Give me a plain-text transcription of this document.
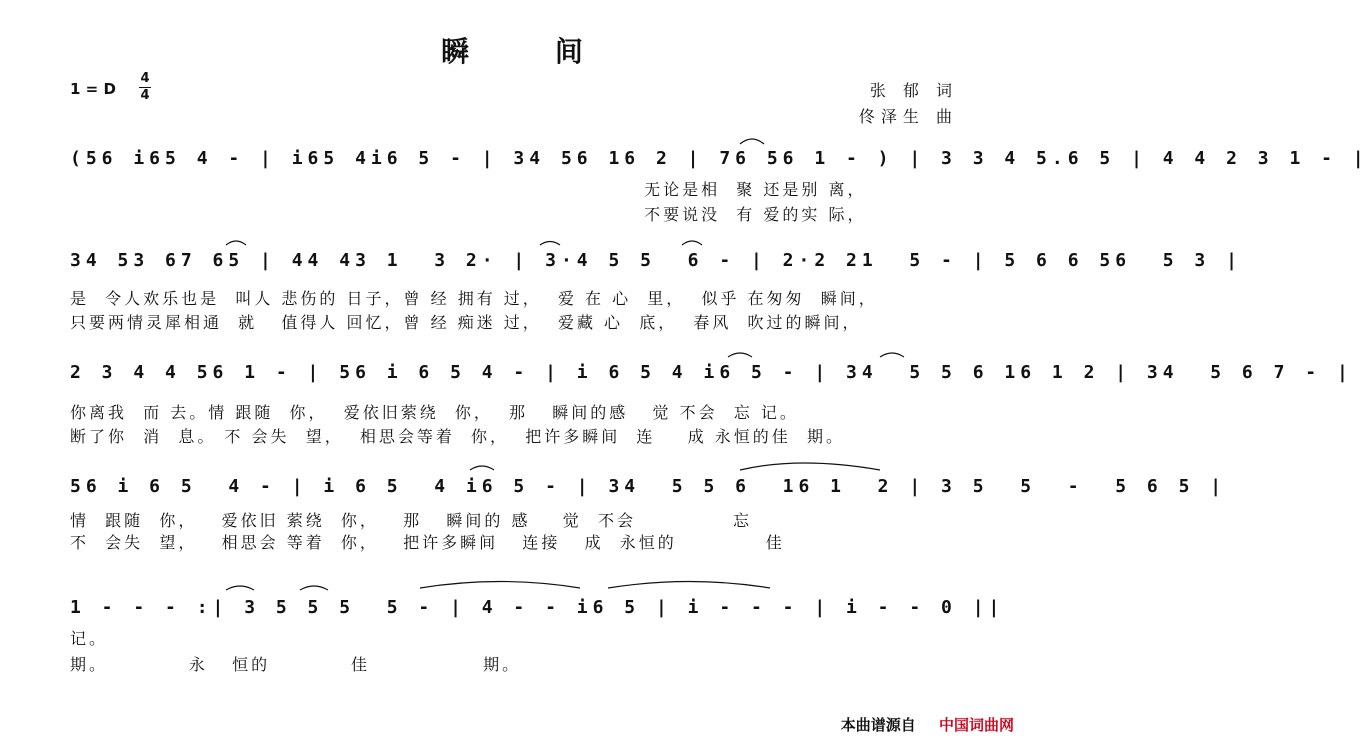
瞬 间
1 = D
4
4	张 郁 词
佟泽生 曲
(56 i65 4 - | i65 4i6 5 - | 34 56 16 2 | 76 56 1 - ) | 3 3 4 5.6 5 | 4 4 2 3 1 - |
无论是相  聚 还是别 离，
不要说没  有 爱的实 际，
34 53 67 65 | 44 43 1  3 2· | 3·4 5 5  6 - | 2·2 21  5 - | 5 6 6 56  5 3 |
是  令人欢乐也是  叫人 悲伤的 日子，曾 经 拥有 过，  爱 在 心  里，  似乎 在匆匆  瞬间，
只要两情灵犀相通  就   值得人 回忆，曾 经 痴迷 过，  爱藏 心  底，  春风  吹过的瞬间，
2 3 4 4 56 1 - | 56 i 6 5 4 - | i 6 5 4 i6 5 - | 34  5 5 6 16 1 2 | 34  5 6 7 - |
你离我  而 去。情 跟随  你，  爱依旧萦绕  你，  那   瞬间的感   觉 不会  忘 记。
断了你  消  息。 不 会失  望，  相思会等着  你，  把许多瞬间  连    成 永恒的佳  期。
56 i 6 5  4 - | i 6 5  4 i6 5 - | 34  5 5 6  16 1  2 | 3 5  5  -  5 6 5 |
情  跟随  你，   爱依旧 萦绕  你，   那   瞬间的 感    觉  不会            忘
不  会失  望，   相思会 等着  你，   把许多瞬间   连接   成  永恒的           佳
1 - - - :| 3 5 5 5  5 - | 4 - - i6 5 | i - - - | i - - 0 ||
记。
期。          永   恒的          佳              期。
本曲谱源自 中国词曲网
